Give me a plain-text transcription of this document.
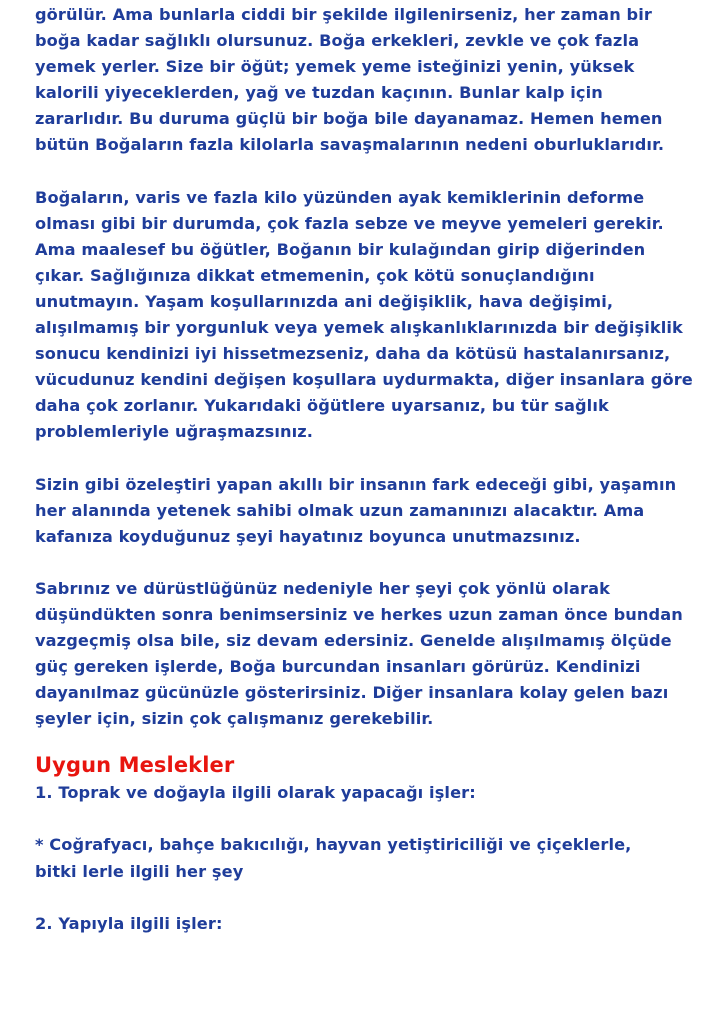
görülür. Ama bunlarla ciddi bir şekilde ilgilenirseniz, her zaman bir
boğa kadar sağlıklı olursunuz. Boğa erkekleri, zevkle ve çok fazla
yemek yerler. Size bir öğüt; yemek yeme isteğinizi yenin, yüksek
kalorili yiyeceklerden, yağ ve tuzdan kaçının. Bunlar kalp için
zararlıdır. Bu duruma güçlü bir boğa bile dayanamaz. Hemen hemen
bütün Boğaların fazla kilolarla savaşmalarının nedeni oburluklarıdır.

Boğaların, varis ve fazla kilo yüzünden ayak kemiklerinin deforme
olması gibi bir durumda, çok fazla sebze ve meyve yemeleri gerekir.
Ama maalesef bu öğütler, Boğanın bir kulağından girip diğerinden
çıkar. Sağlığınıza dikkat etmemenin, çok kötü sonuçlandığını
unutmayın. Yaşam koşullarınızda ani değişiklik, hava değişimi,
alışılmamış bir yorgunluk veya yemek alışkanlıklarınızda bir değişiklik
sonucu kendinizi iyi hissetmezseniz, daha da kötüsü hastalanırsanız,
vücudunuz kendini değişen koşullara uydurmakta, diğer insanlara göre
daha çok zorlanır. Yukarıdaki öğütlere uyarsanız, bu tür sağlık
problemleriyle uğraşmazsınız.

Sizin gibi özeleştiri yapan akıllı bir insanın fark edeceği gibi, yaşamın
her alanında yetenek sahibi olmak uzun zamanınızı alacaktır. Ama
kafanıza koyduğunuz şeyi hayatınız boyunca unutmazsınız.

Sabrınız ve dürüstlüğünüz nedeniyle her şeyi çok yönlü olarak
düşündükten sonra benimsersiniz ve herkes uzun zaman önce bundan
vazgeçmiş olsa bile, siz devam edersiniz. Genelde alışılmamış ölçüde
güç gereken işlerde, Boğa burcundan insanları görürüz. Kendinizi
dayanılmaz gücünüzle gösterirsiniz. Diğer insanlara kolay gelen bazı
şeyler için, sizin çok çalışmanız gerekebilir.

Uygun Meslekler

1. Toprak ve doğayla ilgili olarak yapacağı işler:

* Coğrafyacı, bahçe bakıcılığı, hayvan yetiştiriciliği ve çiçeklerle,
bitki lerle ilgili her şey

2. Yapıyla ilgili işler:
